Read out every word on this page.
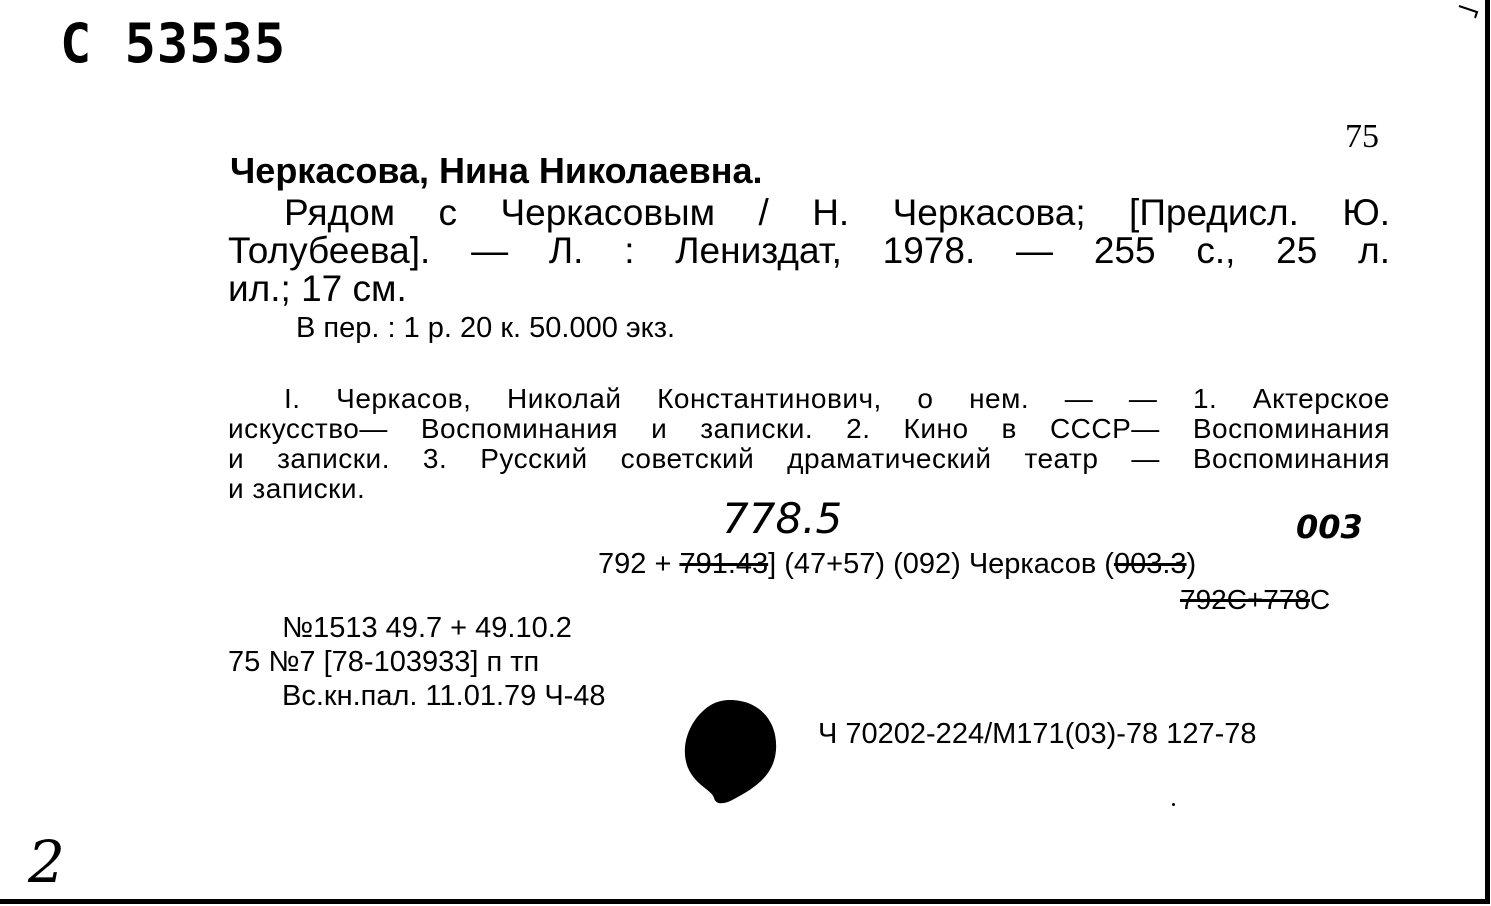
С 53535
75
Черкасова, Нина Николаевна.
Рядом с Черкасовым / Н. Черкасова; [Предисл. Ю.
Толубеева]. — Л. : Лениздат, 1978. — 255 с., 25 л.
ил.; 17 см.
В пер. : 1 р. 20 к. 50.000 экз.
I. Черкасов, Николай Константинович, о нем. — — 1. Актерское
искусство— Воспоминания и записки. 2. Кино в СССР— Воспоминания
и записки. 3. Русский советский драматический театр — Воспоминания
и записки.
778.5	003
792 + 791.43] (47+57) (092) Черкасов (003.3)
792С+778С
№1513 49.7 + 49.10.2
75 №7 [78-103933] п тп
Вс.кн.пал. 11.01.79 Ч-48
Ч 70202-224/М171(03)-78 127-78
2
